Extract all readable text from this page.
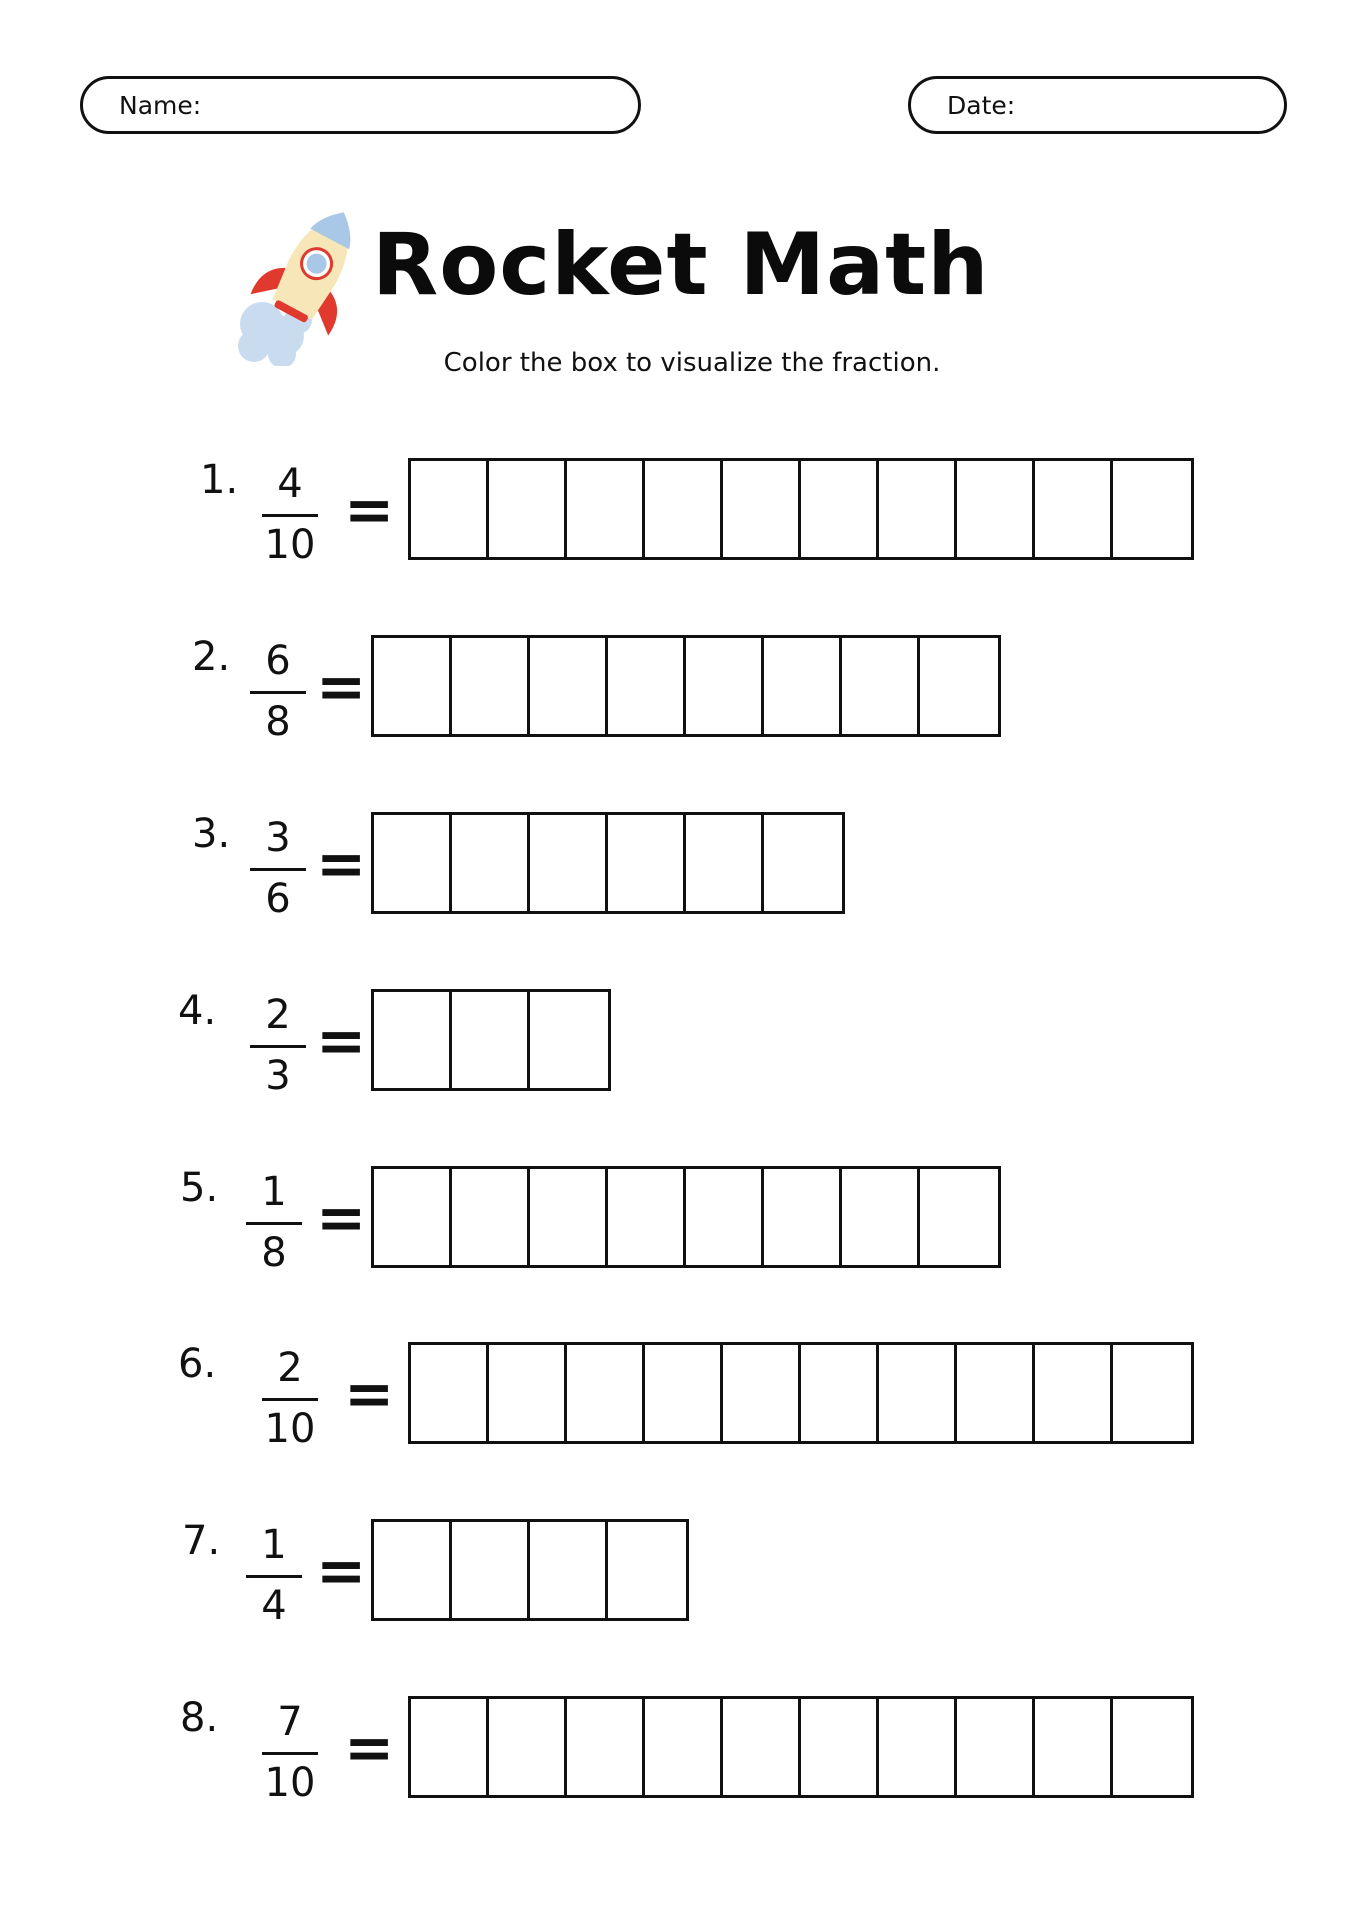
Name:	Date:
Rocket Math
Color the box to visualize the fraction.
1. 4
10 =
2. 6
8 =
3. 3
6 =
4. 2
3 =
5. 1
8 =
6. 2
10 =
7. 1
4 =
8. 7
10 =
